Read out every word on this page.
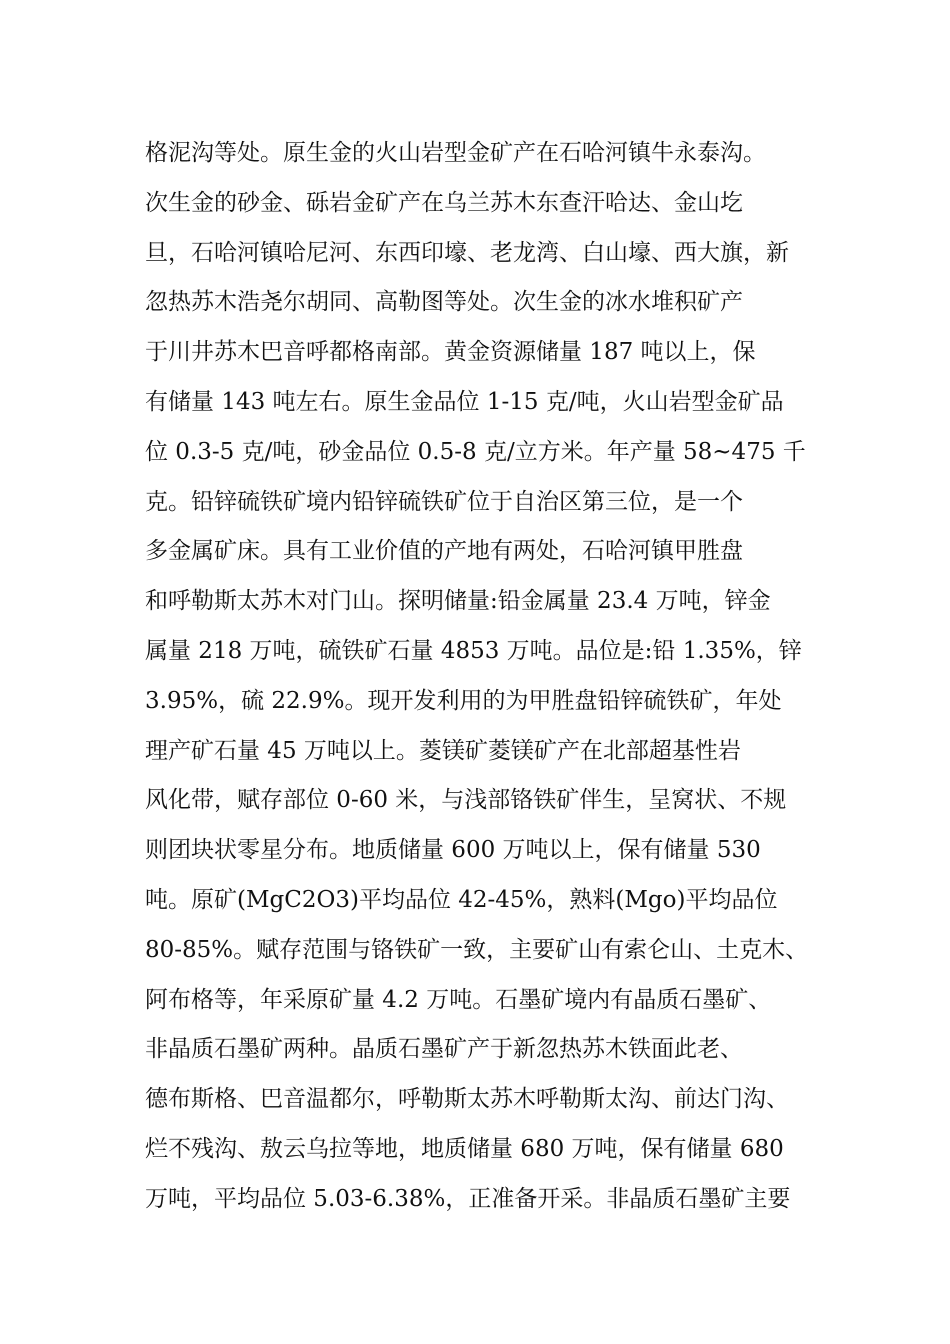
格泥沟等处。原生金的火山岩型金矿产在石哈河镇牛永泰沟。
次生金的砂金、砾岩金矿产在乌兰苏木东查汗哈达、金山圪
旦，石哈河镇哈尼河、东西印壕、老龙湾、白山壕、西大旗，新
忽热苏木浩尧尔胡同、高勒图等处。次生金的冰水堆积矿产
于川井苏木巴音呼都格南部。黄金资源储量 187 吨以上，保
有储量 143 吨左右。原生金品位 1-15 克/吨，火山岩型金矿品
位 0.3-5 克/吨，砂金品位 0.5-8 克/立方米。年产量 58~475 千
克。铅锌硫铁矿境内铅锌硫铁矿位于自治区第三位，是一个
多金属矿床。具有工业价值的产地有两处，石哈河镇甲胜盘
和呼勒斯太苏木对门山。探明储量:铅金属量 23.4 万吨，锌金
属量 218 万吨，硫铁矿石量 4853 万吨。品位是:铅 1.35%，锌
3.95%，硫 22.9%。现开发利用的为甲胜盘铅锌硫铁矿，年处
理产矿石量 45 万吨以上。菱镁矿菱镁矿产在北部超基性岩
风化带，赋存部位 0-60 米，与浅部铬铁矿伴生，呈窝状、不规
则团块状零星分布。地质储量 600 万吨以上，保有储量 530
吨。原矿(MgC2O3)平均品位 42-45%，熟料(Mgo)平均品位
80-85%。赋存范围与铬铁矿一致，主要矿山有索仑山、土克木、
阿布格等，年采原矿量 4.2 万吨。石墨矿境内有晶质石墨矿、
非晶质石墨矿两种。晶质石墨矿产于新忽热苏木铁面此老、
德布斯格、巴音温都尔，呼勒斯太苏木呼勒斯太沟、前达门沟、
烂不残沟、敖云乌拉等地，地质储量 680 万吨，保有储量 680
万吨，平均品位 5.03-6.38%，正准备开采。非晶质石墨矿主要
